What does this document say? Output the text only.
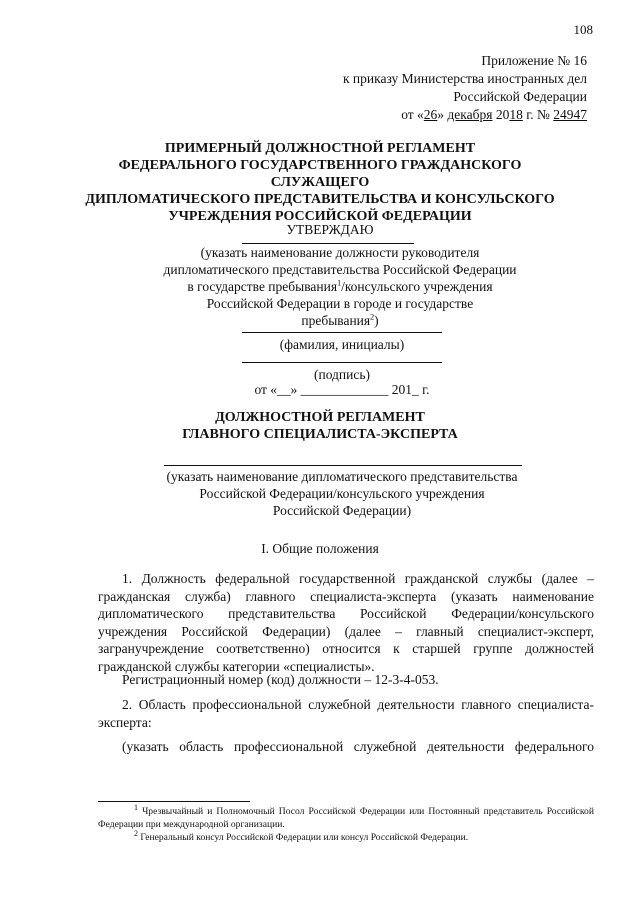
108
Приложение № 16
к приказу Министерства иностранных дел
Российской Федерации
от «26» декабря 2018 г. № 24947
ПРИМЕРНЫЙ ДОЛЖНОСТНОЙ РЕГЛАМЕНТ
ФЕДЕРАЛЬНОГО ГОСУДАРСТВЕННОГО ГРАЖДАНСКОГО СЛУЖАЩЕГО
ДИПЛОМАТИЧЕСКОГО ПРЕДСТАВИТЕЛЬСТВА И КОНСУЛЬСКОГО
УЧРЕЖДЕНИЯ РОССИЙСКОЙ ФЕДЕРАЦИИ
УТВЕРЖДАЮ
(указать наименование должности руководителя
дипломатического представительства Российской Федерации
в государстве пребывания$^1$/консульского учреждения
Российской Федерации в городе и государстве
пребывания$^2$)
(фамилия, инициалы)
(подпись)
от «__» _____________ 201_ г.
ДОЛЖНОСТНОЙ РЕГЛАМЕНТ
ГЛАВНОГО СПЕЦИАЛИСТА-ЭКСПЕРТА
(указать наименование дипломатического представительства
Российской Федерации/консульского учреждения
Российской Федерации)
I. Общие положения
1. Должность федеральной государственной гражданской службы (далее – гражданская служба) главного специалиста-эксперта (указать наименование дипломатического представительства Российской Федерации/консульского учреждения Российской Федерации) (далее – главный специалист-эксперт, загранучреждение соответственно) относится к старшей группе должностей гражданской службы категории «специалисты».
Регистрационный номер (код) должности – 12-3-4-053.
2. Область профессиональной служебной деятельности главного специалиста-эксперта:
(указать область профессиональной служебной деятельности федерального
$^1$ Чрезвычайный и Полномочный Посол Российской Федерации или Постоянный представитель Российской Федерации при международной организации.
$^2$ Генеральный консул Российской Федерации или консул Российской Федерации.
